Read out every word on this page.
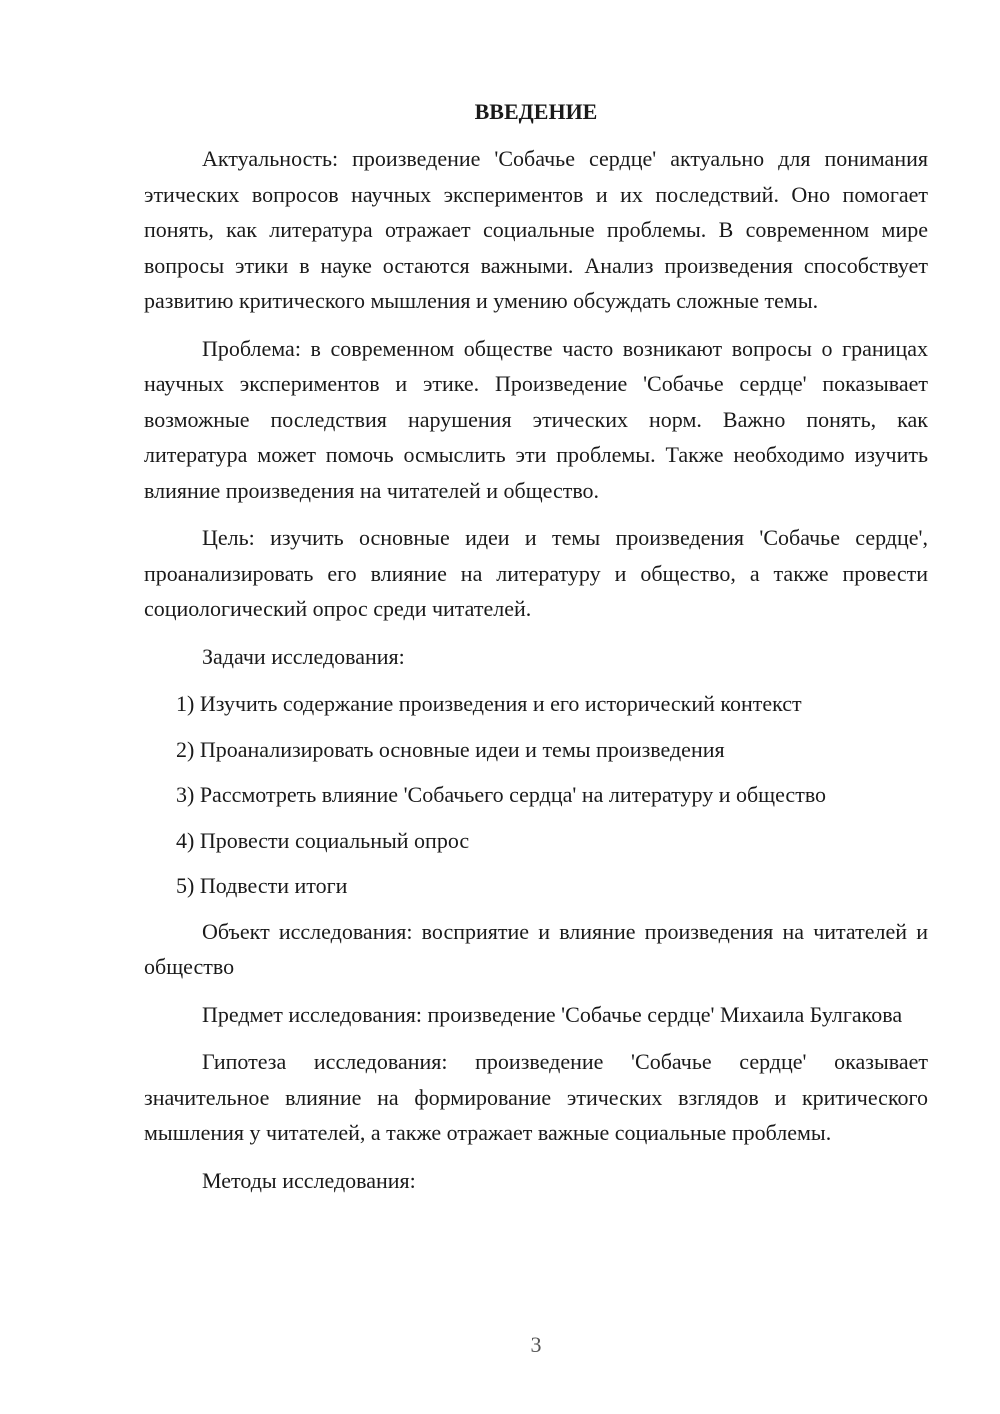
ВВЕДЕНИЕ

Актуальность: произведение 'Собачье сердце' актуально для понимания этических вопросов научных экспериментов и их последствий. Оно помогает понять, как литература отражает социальные проблемы. В современном мире вопросы этики в науке остаются важными. Анализ произведения способствует развитию критического мышления и умению обсуждать сложные темы.

Проблема: в современном обществе часто возникают вопросы о границах научных экспериментов и этике. Произведение 'Собачье сердце' показывает возможные последствия нарушения этических норм. Важно понять, как литература может помочь осмыслить эти проблемы. Также необходимо изучить влияние произведения на читателей и общество.

Цель: изучить основные идеи и темы произведения 'Собачье сердце', проанализировать его влияние на литературу и общество, а также провести социологический опрос среди читателей.

Задачи исследования:

1) Изучить содержание произведения и его исторический контекст
2) Проанализировать основные идеи и темы произведения
3) Рассмотреть влияние 'Собачьего сердца' на литературу и общество
4) Провести социальный опрос
5) Подвести итоги

Объект исследования: восприятие и влияние произведения на читателей и общество

Предмет исследования: произведение 'Собачье сердце' Михаила Булгакова

Гипотеза исследования: произведение 'Собачье сердце' оказывает значительное влияние на формирование этических взглядов и критического мышления у читателей, а также отражает важные социальные проблемы.

Методы исследования:

3
